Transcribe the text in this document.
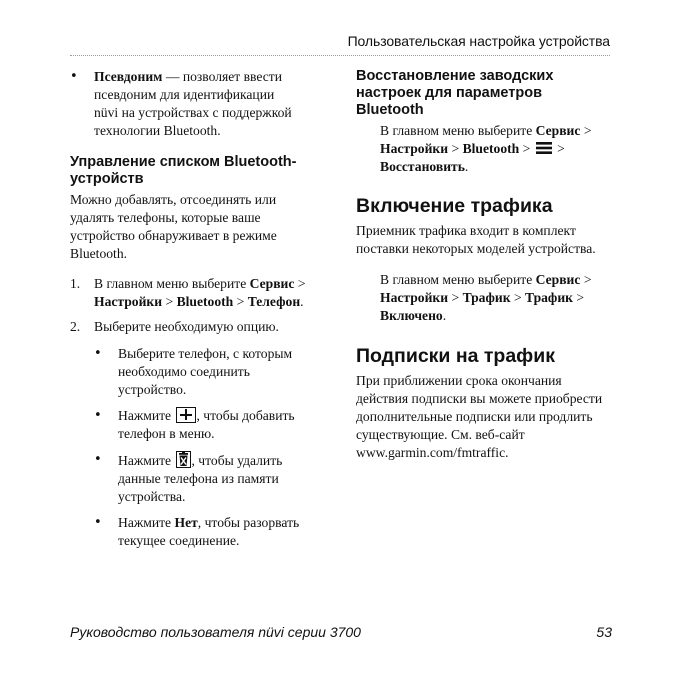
Пользовательская настройка устройства
• Псевдоним — позволяет ввести
псевдоним для идентификации
nüvi на устройствах с поддержкой
технологии Bluetooth.
Управление списком Bluetooth-
устройств
Можно добавлять, отсоединять или
удалять телефоны, которые ваше
устройство обнаруживает в режиме
Bluetooth.
1. В главном меню выберите Сервис >
Настройки > Bluetooth > Телефон.
2. Выберите необходимую опцию.
• Выберите телефон, с которым
необходимо соединить
устройство.
• Нажмите
, чтобы добавить
телефон в меню.
• Нажмите , чтобы удалить
данные телефона из памяти
устройства.
• Нажмите Нет, чтобы разорвать
текущее соединение.
Восстановление заводских
настроек для параметров
Bluetooth
В главном меню выберите Сервис >
Настройки > Bluetooth >  >
Восстановить.
Включение трафика
Приемник трафика входит в комплект
поставки некоторых моделей устройства.
В главном меню выберите Сервис >
Настройки > Трафик > Трафик >
Включено.
Подписки на трафик
При приближении срока окончания
действия подписки вы можете приобрести
дополнительные подписки или продлить
существующие. См. веб-сайт
www.garmin.com/fmtraffic.
Руководство пользователя nüvi серии 3700	53
